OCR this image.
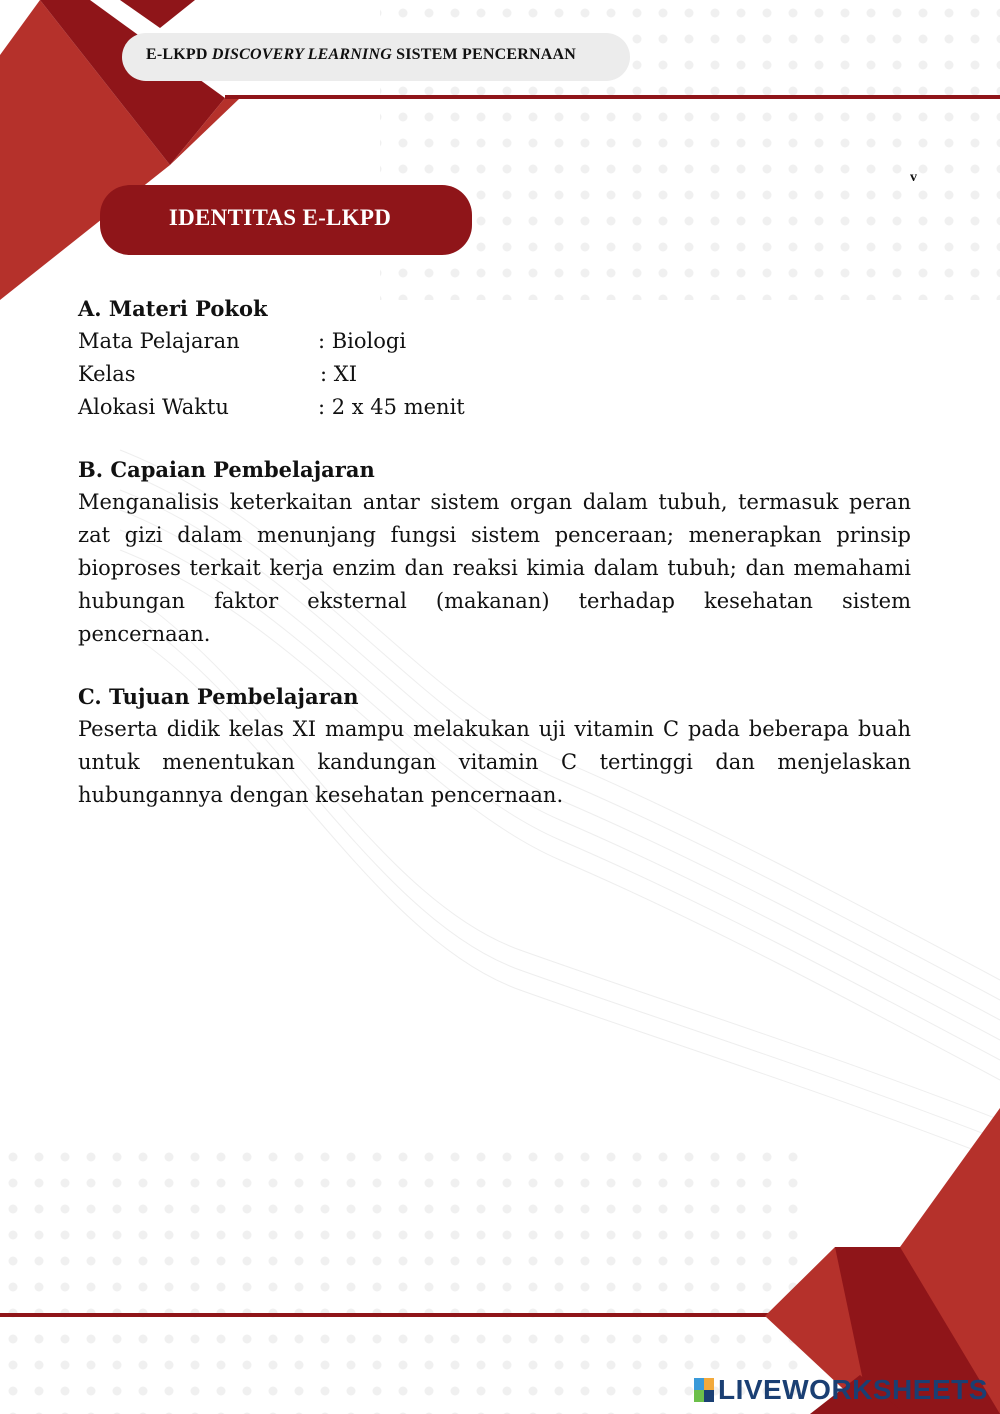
E-LKPD DISCOVERY LEARNING SISTEM PENCERNAAN
v
IDENTITAS E-LKPD
A. Materi Pokok
Mata Pelajaran	: Biologi
Kelas	: XI
Alokasi Waktu	: 2 x 45 menit
B. Capaian Pembelajaran
Menganalisis keterkaitan antar sistem organ dalam tubuh, termasuk peran zat gizi dalam menunjang fungsi sistem penceraan; menerapkan prinsip bioproses terkait kerja enzim dan reaksi kimia dalam tubuh; dan memahami hubungan faktor eksternal (makanan) terhadap kesehatan sistem pencernaan.
C. Tujuan Pembelajaran
Peserta didik kelas XI mampu melakukan uji vitamin C pada beberapa buah untuk menentukan kandungan vitamin C tertinggi dan menjelaskan hubungannya dengan kesehatan pencernaan.
LIVEWORKSHEETS
